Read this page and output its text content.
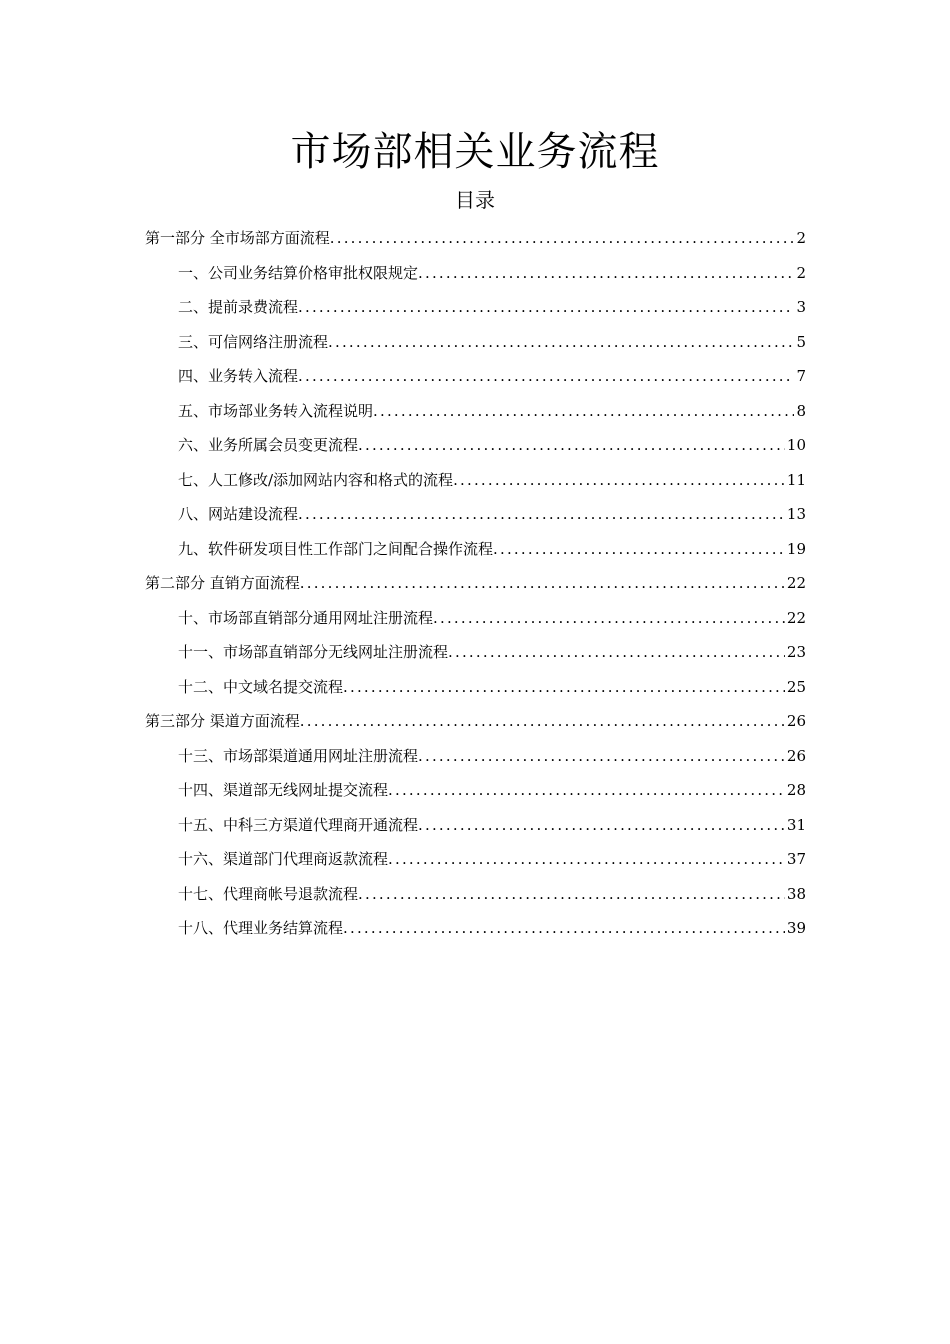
市场部相关业务流程
目录
第一部分 全市场部方面流程 .....	2
一、公司业务结算价格审批权限规定 .....	2
二、提前录费流程 .....	3
三、可信网络注册流程 .....	5
四、业务转入流程 .....	7
五、市场部业务转入流程说明 .....	8
六、业务所属会员变更流程 .....	10
七、人工修改/添加网站内容和格式的流程 .....	11
八、网站建设流程 .....	13
九、软件研发项目性工作部门之间配合操作流程 .....	19
第二部分 直销方面流程 .....	22
十、市场部直销部分通用网址注册流程 .....	22
十一、市场部直销部分无线网址注册流程 .....	23
十二、中文域名提交流程 .....	25
第三部分 渠道方面流程 .....	26
十三、市场部渠道通用网址注册流程 .....	26
十四、渠道部无线网址提交流程 .....	28
十五、中科三方渠道代理商开通流程 .....	31
十六、渠道部门代理商返款流程 .....	37
十七、代理商帐号退款流程 .....	38
十八、代理业务结算流程 .....	39
